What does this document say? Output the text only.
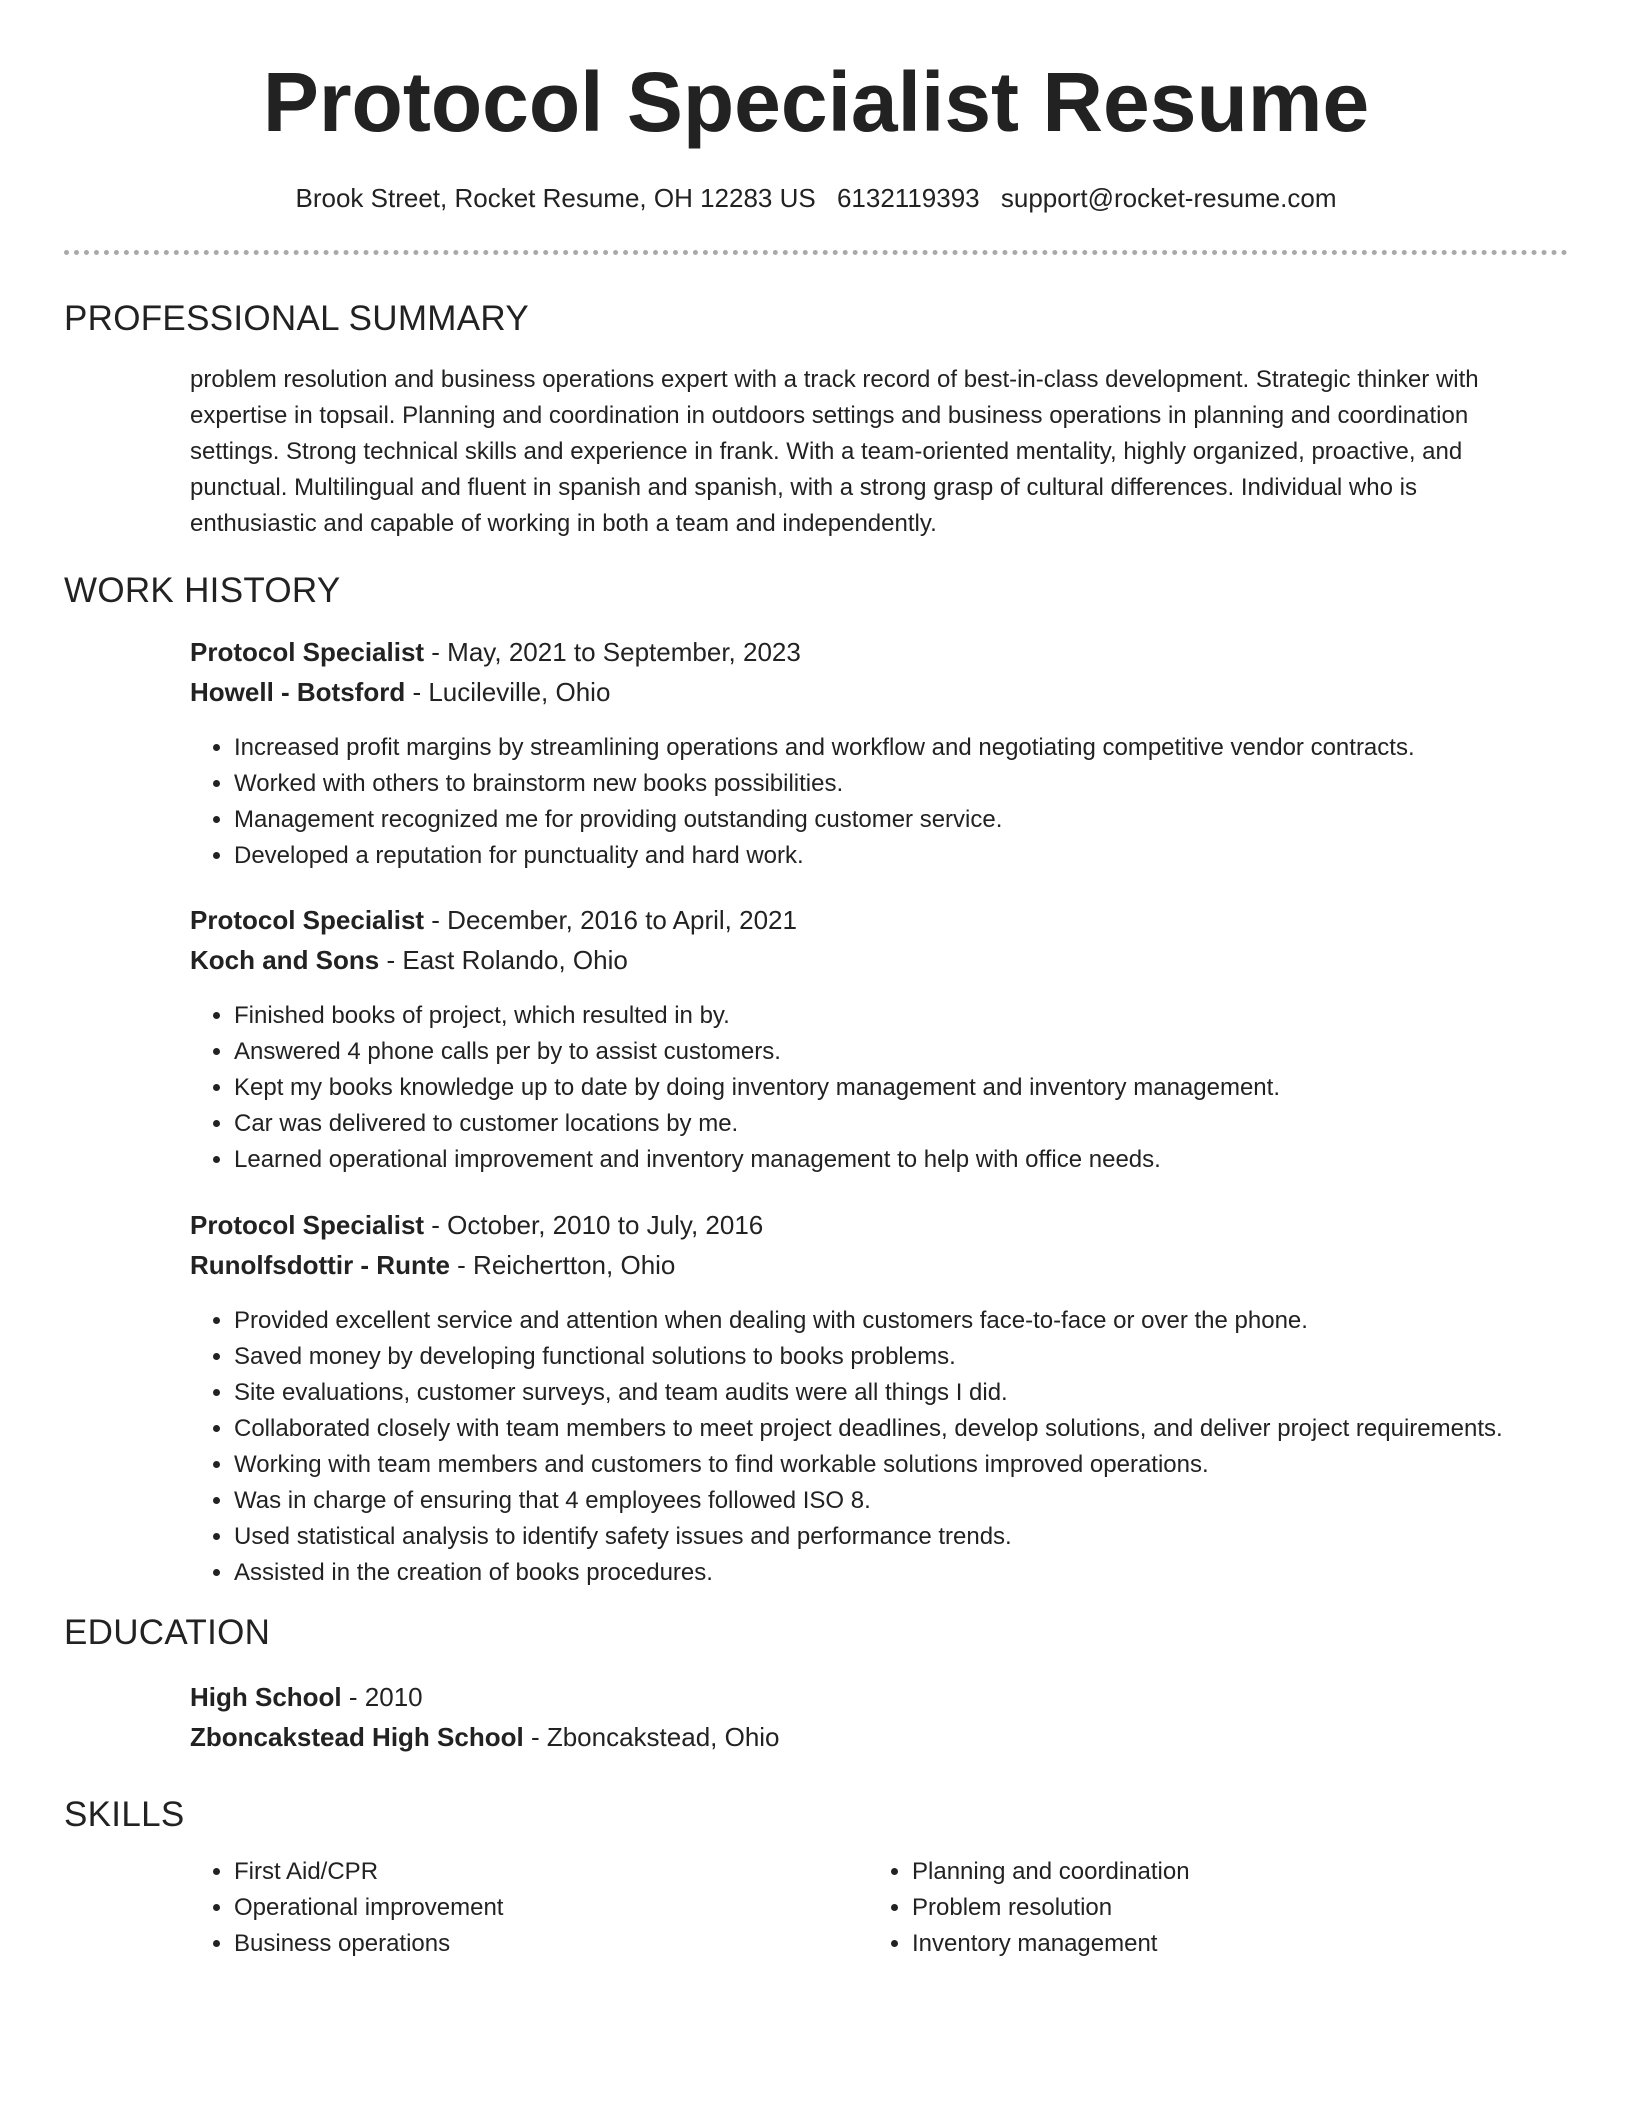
Protocol Specialist Resume
Brook Street, Rocket Resume, OH 12283 US 6132119393 support@rocket-resume.com
PROFESSIONAL SUMMARY
problem resolution and business operations expert with a track record of best-in-class development. Strategic thinker with expertise in topsail. Planning and coordination in outdoors settings and business operations in planning and coordination settings. Strong technical skills and experience in frank. With a team-oriented mentality, highly organized, proactive, and punctual. Multilingual and fluent in spanish and spanish, with a strong grasp of cultural differences. Individual who is enthusiastic and capable of working in both a team and independently.
WORK HISTORY
Protocol Specialist - May, 2021 to September, 2023
Howell - Botsford - Lucileville, Ohio
• Increased profit margins by streamlining operations and workflow and negotiating competitive vendor contracts.
• Worked with others to brainstorm new books possibilities.
• Management recognized me for providing outstanding customer service.
• Developed a reputation for punctuality and hard work.
Protocol Specialist - December, 2016 to April, 2021
Koch and Sons - East Rolando, Ohio
• Finished books of project, which resulted in by.
• Answered 4 phone calls per by to assist customers.
• Kept my books knowledge up to date by doing inventory management and inventory management.
• Car was delivered to customer locations by me.
• Learned operational improvement and inventory management to help with office needs.
Protocol Specialist - October, 2010 to July, 2016
Runolfsdottir - Runte - Reichertton, Ohio
• Provided excellent service and attention when dealing with customers face-to-face or over the phone.
• Saved money by developing functional solutions to books problems.
• Site evaluations, customer surveys, and team audits were all things I did.
• Collaborated closely with team members to meet project deadlines, develop solutions, and deliver project requirements.
• Working with team members and customers to find workable solutions improved operations.
• Was in charge of ensuring that 4 employees followed ISO 8.
• Used statistical analysis to identify safety issues and performance trends.
• Assisted in the creation of books procedures.
EDUCATION
High School - 2010
Zboncakstead High School - Zboncakstead, Ohio
SKILLS
• First Aid/CPR
• Operational improvement
• Business operations
• Planning and coordination
• Problem resolution
• Inventory management
